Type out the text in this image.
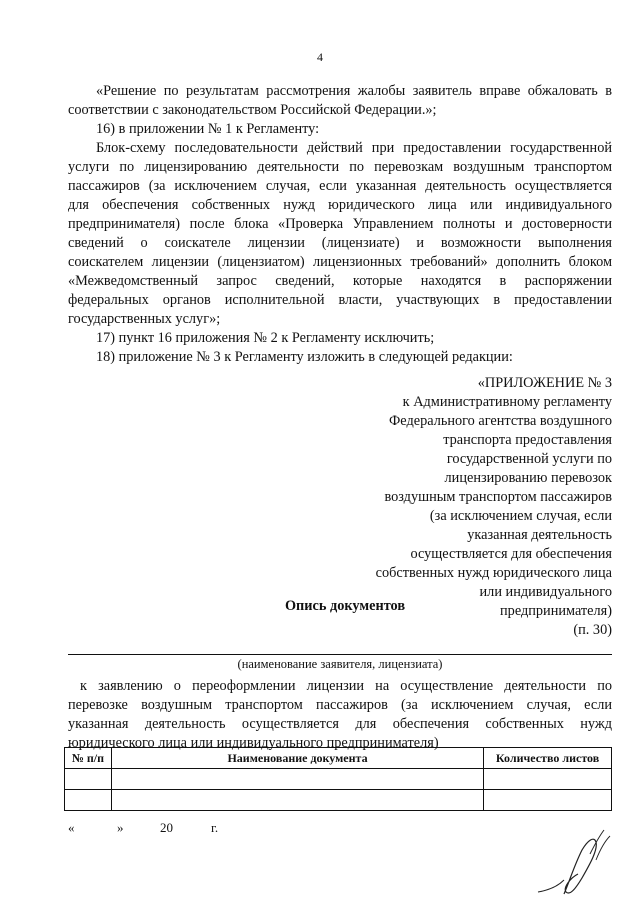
4
«Решение по результатам рассмотрения жалобы заявитель вправе обжаловать в
соответствии с законодательством Российской Федерации.»;
16) в приложении № 1 к Регламенту:
Блок-схему последовательности действий при предоставлении государственной
услуги по лицензированию деятельности по перевозкам воздушным транспортом
пассажиров (за исключением случая, если указанная деятельность осуществляется
для обеспечения собственных нужд юридического лица или индивидуального
предпринимателя) после блока «Проверка Управлением полноты и достоверности
сведений о соискателе лицензии (лицензиате) и возможности выполнения
соискателем лицензии (лицензиатом) лицензионных требований» дополнить блоком
«Межведомственный запрос сведений, которые находятся в распоряжении
федеральных органов исполнительной власти, участвующих в предоставлении
государственных услуг»;
17) пункт 16 приложения № 2 к Регламенту исключить;
18) приложение № 3 к Регламенту изложить в следующей редакции:
«ПРИЛОЖЕНИЕ № 3
к Административному регламенту
Федерального агентства воздушного
транспорта предоставления
государственной услуги по
лицензированию перевозок
воздушным транспортом пассажиров
(за исключением случая, если
указанная деятельность
осуществляется для обеспечения
собственных нужд юридического лица
или индивидуального
предпринимателя)
(п. 30)
Опись документов
(наименование заявителя, лицензиата)
к заявлению о переоформлении лицензии на осуществление деятельности по
перевозке воздушным транспортом пассажиров (за исключением случая, если
указанная деятельность осуществляется для обеспечения собственных нужд
юридического лица или индивидуального предпринимателя)
№ п/п	Наименование документа	Количество листов

«	»	20	г.
